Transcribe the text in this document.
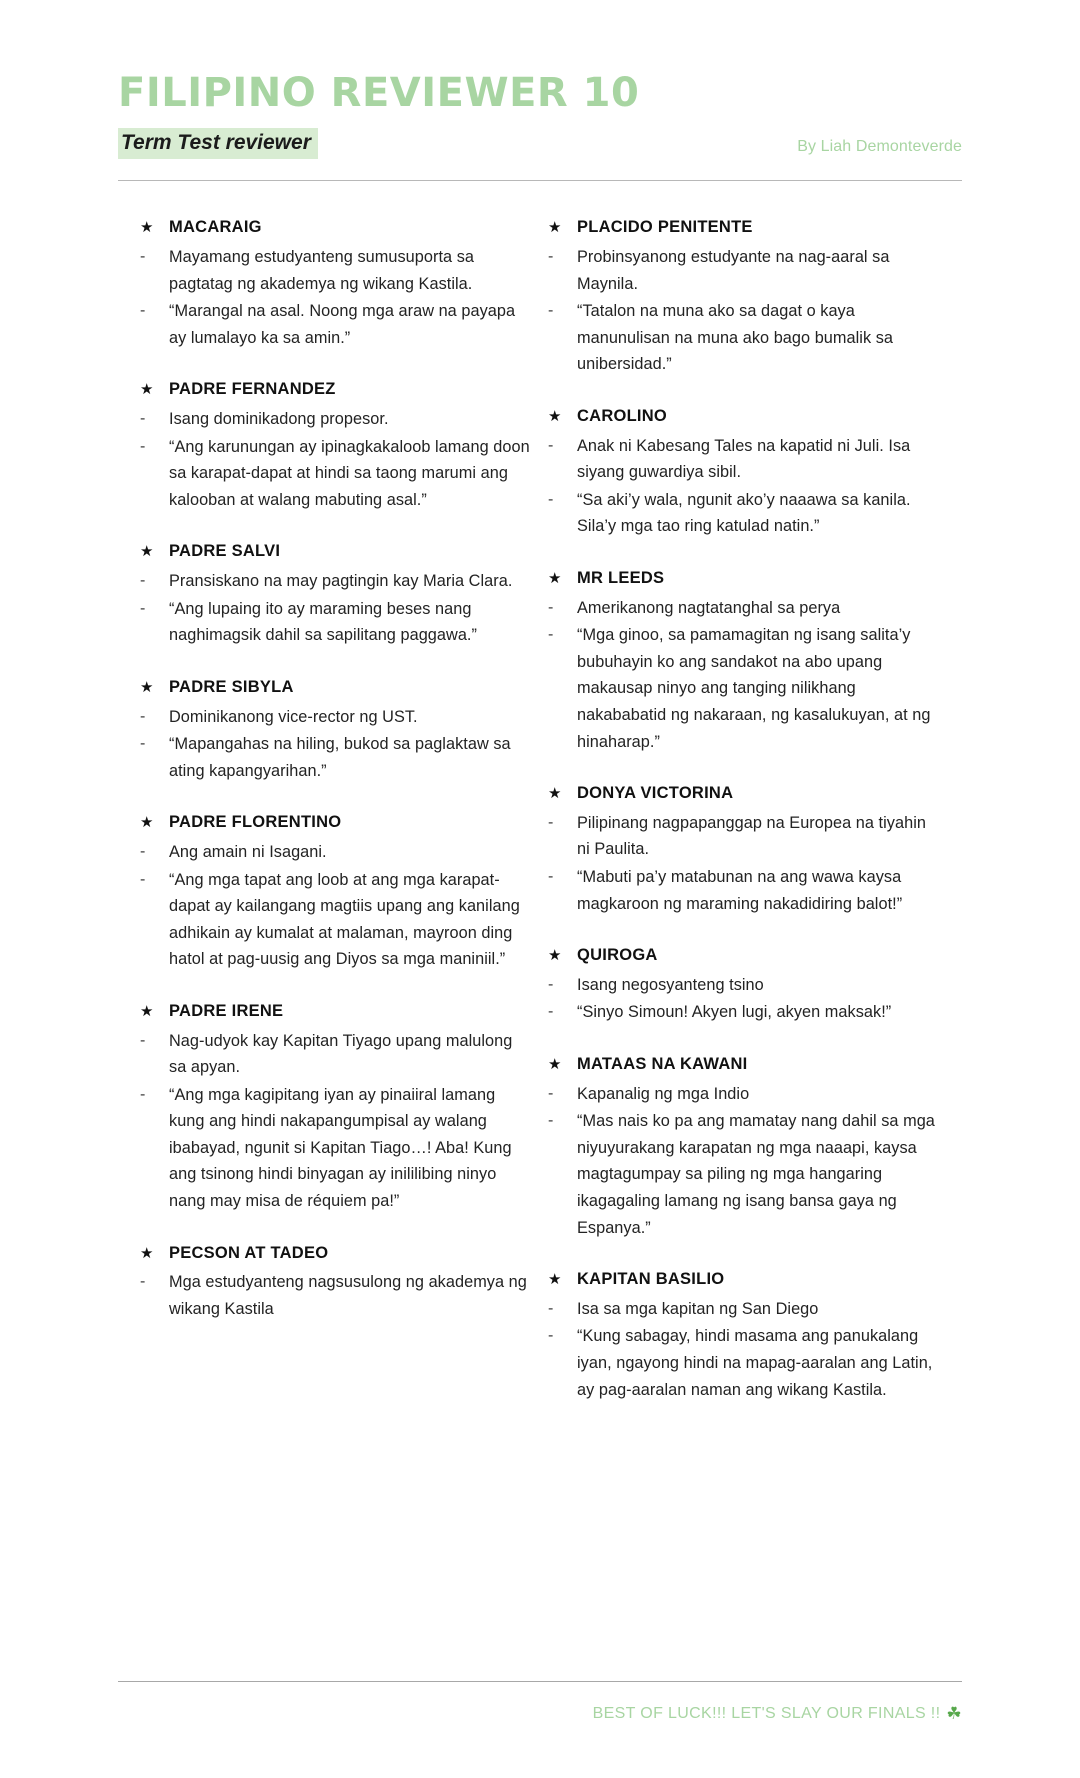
FILIPINO REVIEWER 10
Term Test reviewer	By Liah Demonteverde
★ MACARAIG
-	Mayamang estudyanteng sumusuporta sa pagtatag ng akademya ng wikang Kastila.
-	“Marangal na asal. Noong mga araw na payapa ay lumalayo ka sa amin.”
★ PADRE FERNANDEZ
-	Isang dominikadong propesor.
-	“Ang karunungan ay ipinagkakaloob lamang doon sa karapat-dapat at hindi sa taong marumi ang kalooban at walang mabuting asal.”
★ PADRE SALVI
-	Pransiskano na may pagtingin kay Maria Clara.
-	“Ang lupaing ito ay maraming beses nang naghimagsik dahil sa sapilitang paggawa.”
★ PADRE SIBYLA
-	Dominikanong vice-rector ng UST.
-	“Mapangahas na hiling, bukod sa paglaktaw sa ating kapangyarihan.”
★ PADRE FLORENTINO
-	Ang amain ni Isagani.
-	“Ang mga tapat ang loob at ang mga karapat-dapat ay kailangang magtiis upang ang kanilang adhikain ay kumalat at malaman, mayroon ding hatol at pag-uusig ang Diyos sa mga maniniil.”
★ PADRE IRENE
-	Nag-udyok kay Kapitan Tiyago upang malulong sa apyan.
-	“Ang mga kagipitang iyan ay pinaiiral lamang kung ang hindi nakapangumpisal ay walang ibabayad, ngunit si Kapitan Tiago…! Aba! Kung ang tsinong hindi binyagan ay inililibing ninyo nang may misa de réquiem pa!”
★ PECSON AT TADEO
-	Mga estudyanteng nagsusulong ng akademya ng wikang Kastila
★ PLACIDO PENITENTE
-	Probinsyanong estudyante na nag-aaral sa Maynila.
-	“Tatalon na muna ako sa dagat o kaya manunulisan na muna ako bago bumalik sa unibersidad.”
★ CAROLINO
-	Anak ni Kabesang Tales na kapatid ni Juli. Isa siyang guwardiya sibil.
-	“Sa aki’y wala, ngunit ako’y naaawa sa kanila. Sila’y mga tao ring katulad natin.”
★ MR LEEDS
-	Amerikanong nagtatanghal sa perya
-	“Mga ginoo, sa pamamagitan ng isang salita’y bubuhayin ko ang sandakot na abo upang makausap ninyo ang tanging nilikhang nakababatid ng nakaraan, ng kasalukuyan, at ng hinaharap.”
★ DONYA VICTORINA
-	Pilipinang nagpapanggap na Europea na tiyahin ni Paulita.
-	“Mabuti pa’y matabunan na ang wawa kaysa magkaroon ng maraming nakadidiring balot!”
★ QUIROGA
-	Isang negosyanteng tsino
-	“Sinyo Simoun! Akyen lugi, akyen maksak!”
★ MATAAS NA KAWANI
-	Kapanalig ng mga Indio
-	“Mas nais ko pa ang mamatay nang dahil sa mga niyuyurakang karapatan ng mga naaapi, kaysa magtagumpay sa piling ng mga hangaring ikagagaling lamang ng isang bansa gaya ng Espanya.”
★ KAPITAN BASILIO
-	Isa sa mga kapitan ng San Diego
-	“Kung sabagay, hindi masama ang panukalang iyan, ngayong hindi na mapag-aaralan ang Latin, ay pag-aaralan naman ang wikang Kastila.
BEST OF LUCK!!! LET'S SLAY OUR FINALS !! ☘
